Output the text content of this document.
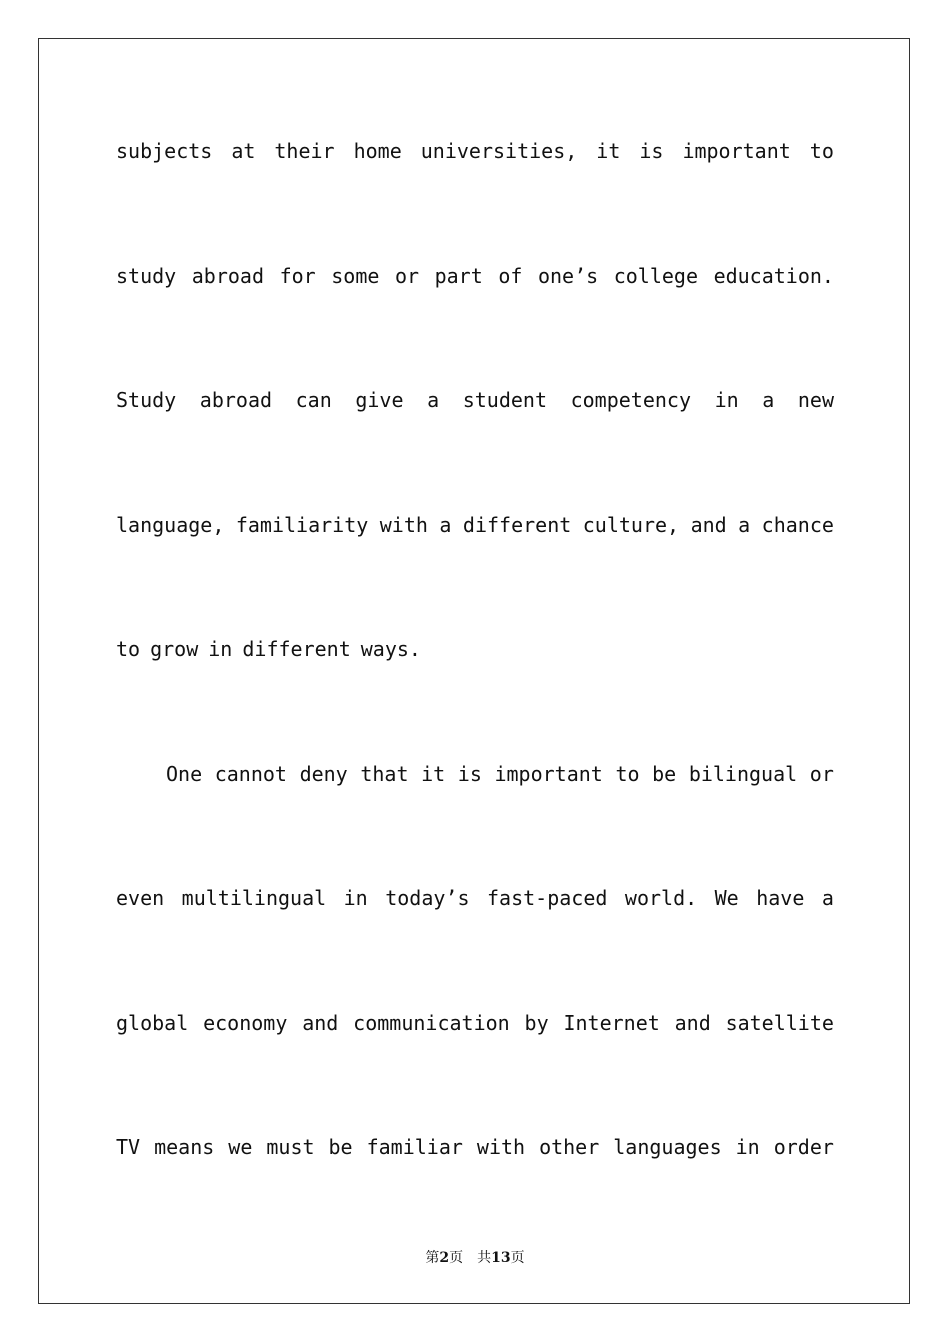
subjects at their home universities, it is important to
study abroad for some or part of one’s college education.
Study abroad can give a student competency in a new
language, familiarity with a different culture, and a chance
to grow in different ways.
One cannot deny that it is important to be bilingual or
even multilingual in today’s fast-paced world. We have a
global economy and communication by Internet and satellite
TV means we must be familiar with other languages in order
第2页 共13页
